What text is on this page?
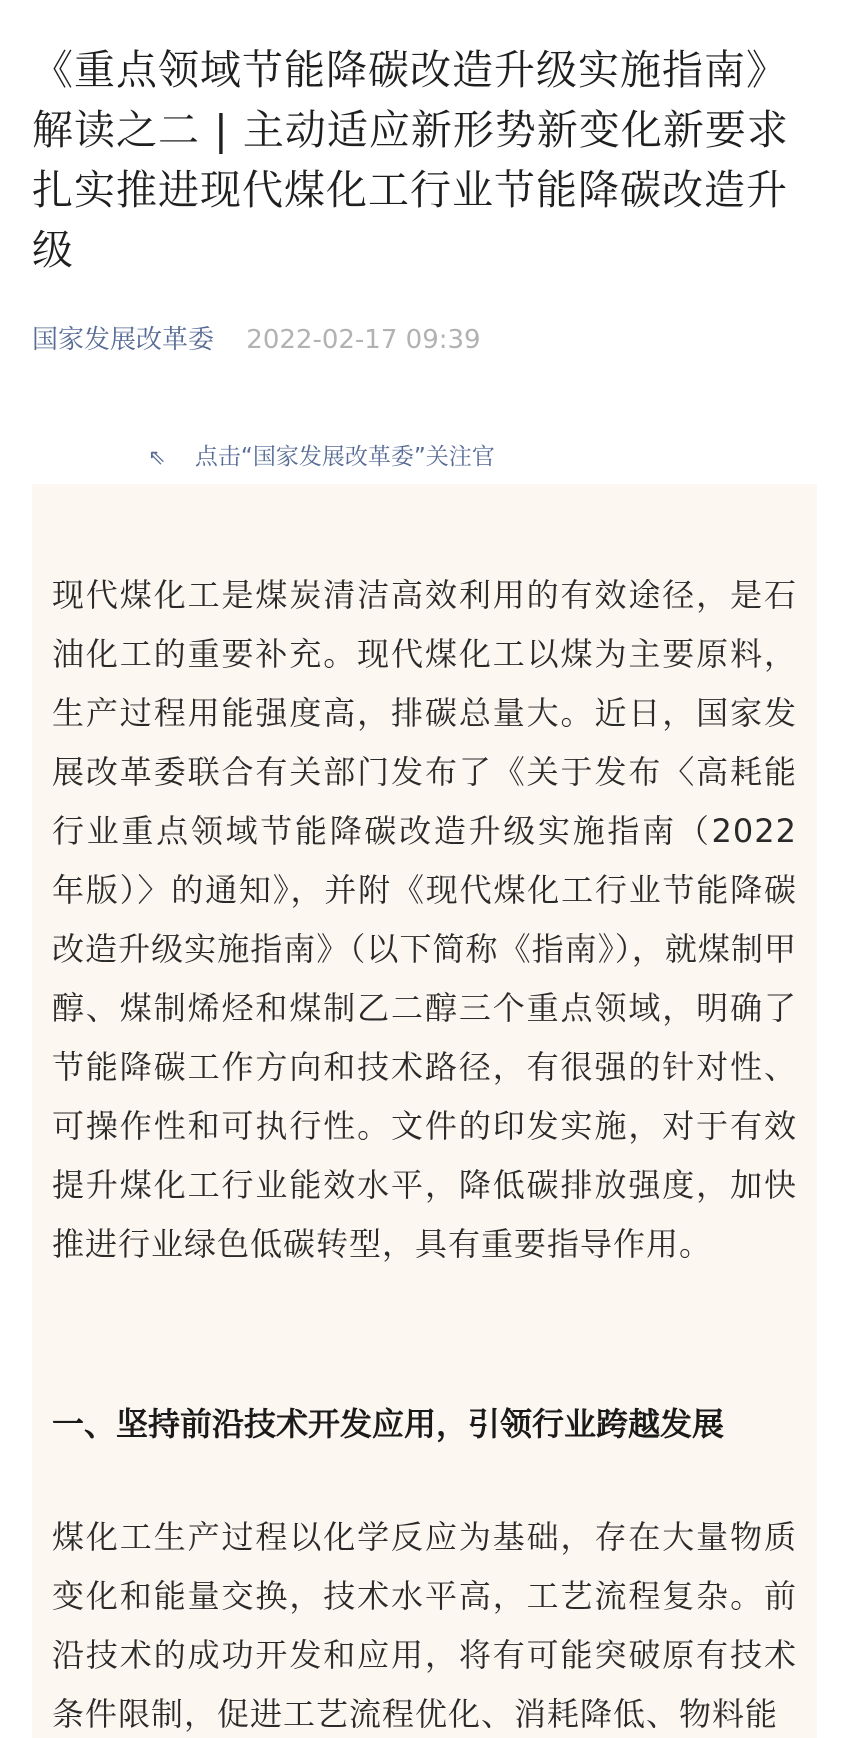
《重点领域节能降碳改造升级实施指南》解读之二 | 主动适应新形势新变化新要求 扎实推进现代煤化工行业节能降碳改造升级
国家发展改革委 2022-02-17 09:39
⇖ 点击“国家发展改革委”关注官

现代煤化工是煤炭清洁高效利用的有效途径，是石油化工的重要补充。现代煤化工以煤为主要原料，生产过程用能强度高，排碳总量大。近日，国家发展改革委联合有关部门发布了《关于发布〈高耗能行业重点领域节能降碳改造升级实施指南（2022年版）〉的通知》，并附《现代煤化工行业节能降碳改造升级实施指南》（以下简称《指南》），就煤制甲醇、煤制烯烃和煤制乙二醇三个重点领域，明确了节能降碳工作方向和技术路径，有很强的针对性、可操作性和可执行性。文件的印发实施，对于有效提升煤化工行业能效水平，降低碳排放强度，加快推进行业绿色低碳转型，具有重要指导作用。

一、坚持前沿技术开发应用，引领行业跨越发展

煤化工生产过程以化学反应为基础，存在大量物质变化和能量交换，技术水平高，工艺流程复杂。前沿技术的成功开发和应用，将有可能突破原有技术条件限制，促进工艺流程优化、消耗降低、物料能
